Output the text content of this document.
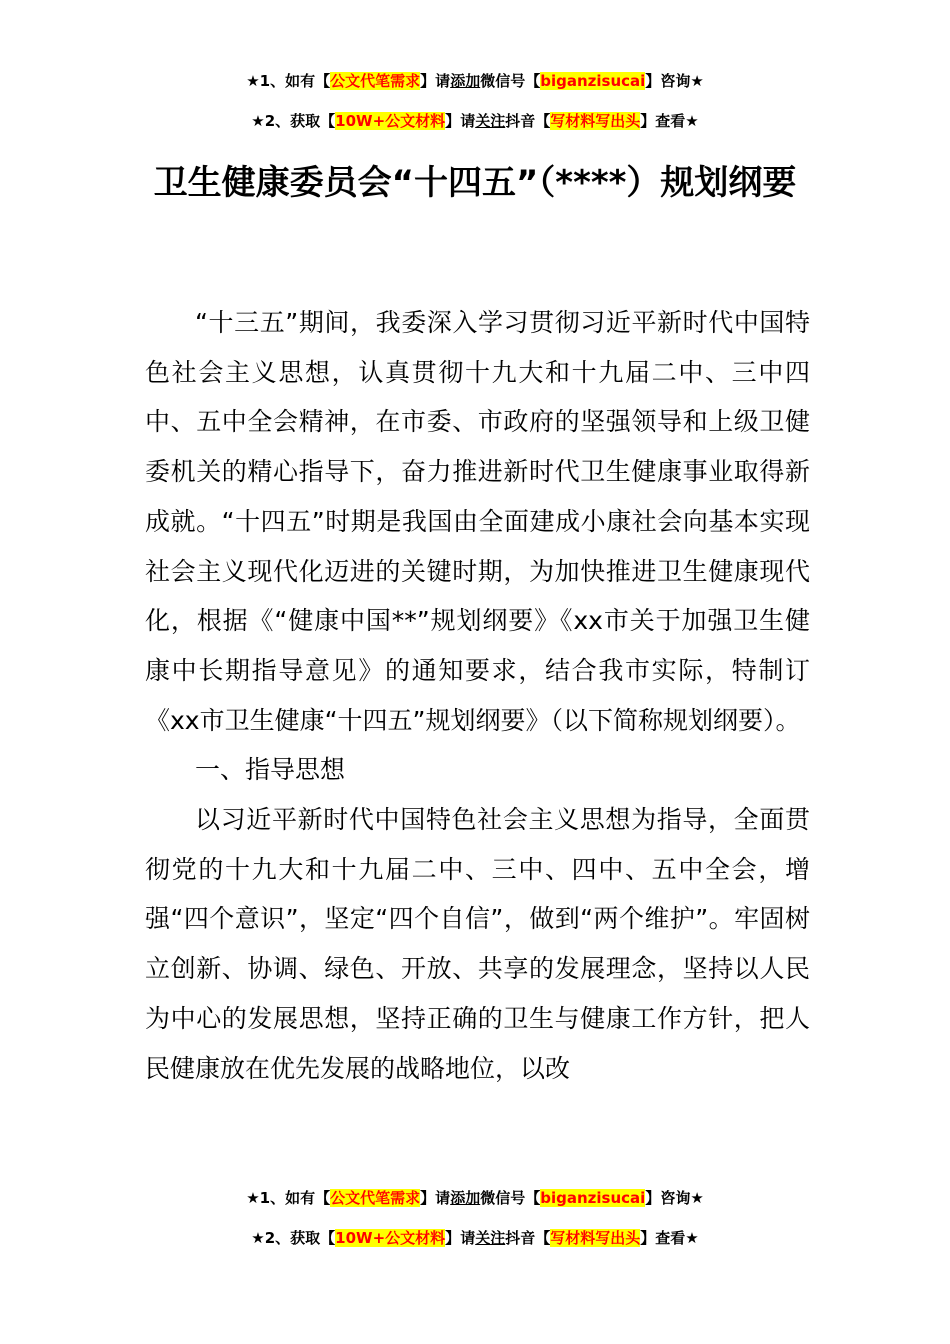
★1、如有【公文代笔需求】请添加微信号【biganzisucai】咨询★
★2、获取【10W+公文材料】请关注抖音【写材料写出头】查看★
卫生健康委员会“十四五”（****）规划纲要

“十三五”期间，我委深入学习贯彻习近平新时代中国特色社会主义思想，认真贯彻十九大和十九届二中、三中四中、五中全会精神，在市委、市政府的坚强领导和上级卫健委机关的精心指导下，奋力推进新时代卫生健康事业取得新成就。“十四五”时期是我国由全面建成小康社会向基本实现社会主义现代化迈进的关键时期，为加快推进卫生健康现代化，根据《“健康中国**”规划纲要》《xx市关于加强卫生健康中长期指导意见》的通知要求，结合我市实际，特制订《xx市卫生健康“十四五”规划纲要》（以下简称规划纲要）。

一、指导思想

以习近平新时代中国特色社会主义思想为指导，全面贯彻党的十九大和十九届二中、三中、四中、五中全会，增强“四个意识”，坚定“四个自信”，做到“两个维护”。牢固树立创新、协调、绿色、开放、共享的发展理念，坚持以人民为中心的发展思想，坚持正确的卫生与健康工作方针，把人民健康放在优先发展的战略地位，以改

★1、如有【公文代笔需求】请添加微信号【biganzisucai】咨询★
★2、获取【10W+公文材料】请关注抖音【写材料写出头】查看★
